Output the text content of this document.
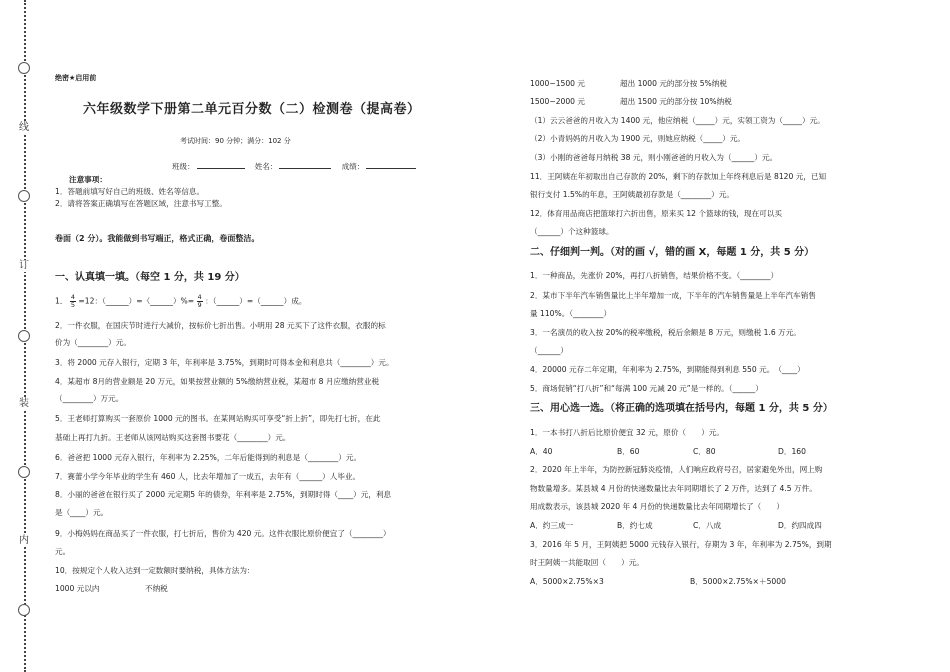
线
订
装
内
绝密★启用前
六年级数学下册第二单元百分数（二）检测卷（提高卷）
考试时间：90 分钟；满分：102 分
班级：	姓名：	成绩：
注意事项：
1．答题前填写好自己的班级、姓名等信息。
2．请将答案正确填写在答题区域，注意书写工整。
卷面（2 分）。我能做到书写端正，格式正确，卷面整洁。
一、认真填一填。（每空 1 分，共 19 分）
1． $\frac{4}{5} =12$：（______）=（______）%= $\frac{4}{9}$ ：（______）=（______）成。
2．一件衣服，在国庆节时进行大减价，按标价七折出售。小明用 28 元买下了这件衣服，衣服的标
价为（________）元。
3．将 2000 元存入银行，定期 3 年，年利率是 3.75%，到期时可得本金和利息共（________）元。
4．某超市 8月的营业额是 20 万元，如果按营业额的 5%缴纳营业税，某超市 8 月应缴纳营业税
（________）万元。
5．王老师打算购买一套原价 1000 元的图书。在某网站购买可享受“折上折”，即先打七折，在此
基础上再打九折。王老师从该网站购买这套图书要花（________）元。
6．爸爸把 1000 元存入银行，年利率为 2.25%，二年后能得到的利息是（________）元。
7．赛蕾小学今年毕业的学生有 460 人，比去年增加了一成五，去年有（______）人毕业。
8．小丽的爸爸在银行买了 2000 元定期5 年的债券，年利率是 2.75%，到期时得（____）元，利息
是（____）元。
9．小梅妈妈在商品买了一件衣服，打七折后，售价为 420 元。这件衣服比原价便宜了（________）
元。
10．按规定个人收入达到一定数额时要纳税，具体方法为：
1000 元以内	不纳税
1000~1500 元	超出 1000 元的部分按 5%纳税
1500~2000 元	超出 1500 元的部分按 10%纳税
（1）云云爸爸的月收入为 1400 元，他应纳税（_____）元，实领工资为（_____）元。
（2）小青妈妈的月收入为 1900 元，则她应纳税（_____）元。
（3）小刚的爸爸每月纳税 38 元，则小刚爸爸的月收入为（______）元。
11．王阿姨在年初取出自己存款的 20%，剩下的存款加上年终利息后是 8120 元，已知
银行支付 1.5%的年息，王阿姨最初存款是（________）元。
12．体育用品商店把篮球打六折出售，原来买 12 个篮球的钱，现在可以买
（______）个这种篮球。
二、仔细判一判。（对的画 √，错的画 X，每题 1 分，共 5 分）
1．一种商品，先涨价 20%，再打八折销售，结果价格不变。（________）
2．某市下半年汽车销售量比上半年增加一成，下半年的汽车销售量是上半年汽车销售
量 110%。（________）
3．一名演员的收入按 20%的税率缴税，税后余额是 8 万元，则缴税 1.6 万元。
（______）
4．20000 元存二年定期，年利率为 2.75%，到期能得到利息 550 元。　（____）
5．商场促销“打八折”和“每满 100 元减 20 元”是一样的。（______）
三、用心选一选。（将正确的选项填在括号内，每题 1 分，共 5 分）
1．一本书打八折后比原价便宜 32 元，原价（　　）元。
A．40	B．60	C．80	D．160
2．2020 年上半年，为防控新冠肺炎疫情，人们响应政府号召，居家避免外出，网上购
物数量增多。某县城 4 月份的快递数量比去年同期增长了 2 万件，达到了 4.5 万件。
用成数表示，该县城 2020 年 4 月份的快递数量比去年同期增长了（　　）
A．约三成一	B．约七成	C．八成	D．约四成四
3．2016 年 5 月，王阿姨把 5000 元钱存入银行，存期为 3 年，年利率为 2.75%，到期
时王阿姨一共能取回（　　）元。
A．5000×2.75%×3	B．5000×2.75%×＋5000
